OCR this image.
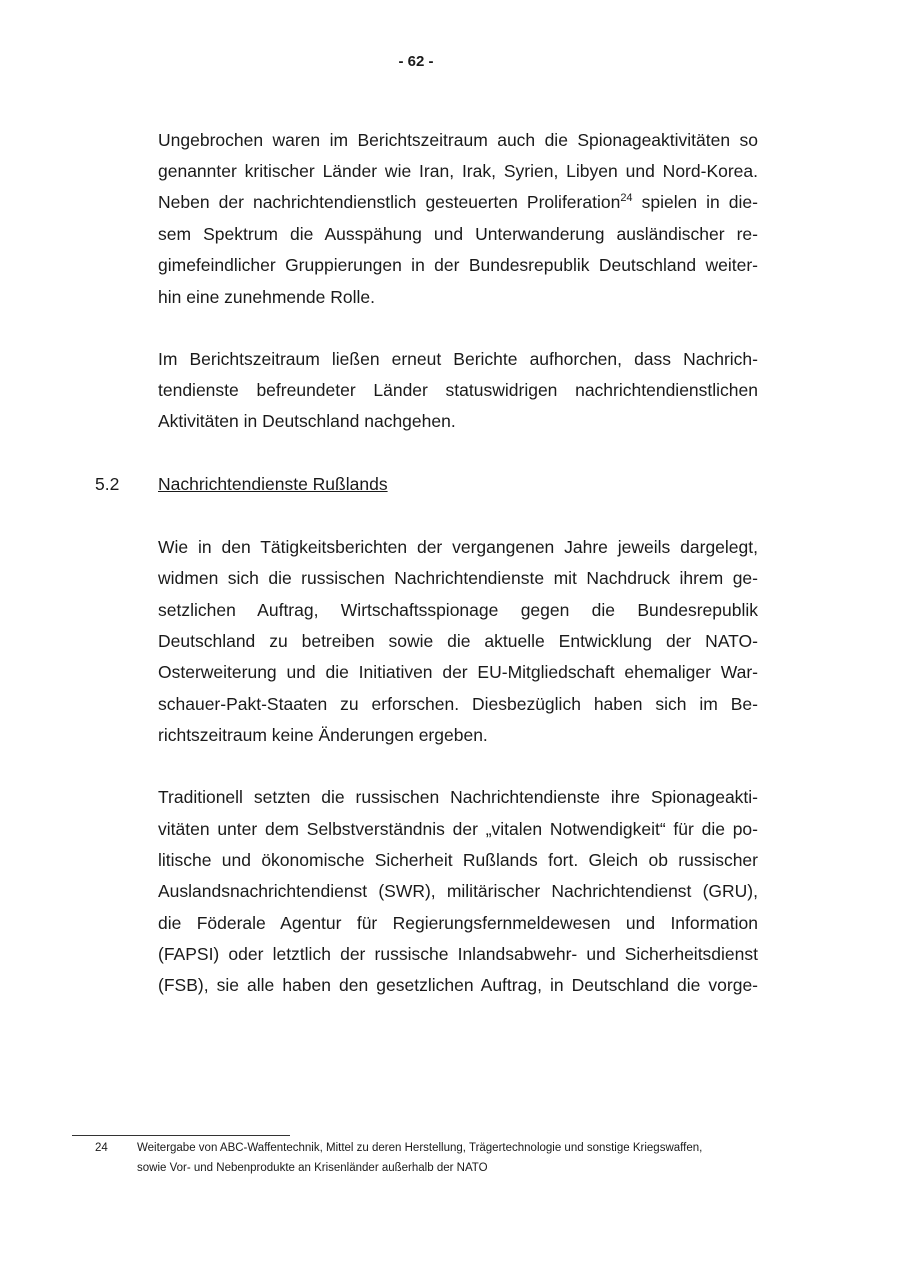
- 62 -
Ungebrochen waren im Berichtszeitraum auch die Spionageaktivitäten so
genannter kritischer Länder wie Iran, Irak, Syrien, Libyen und Nord-Korea.
Neben der nachrichtendienstlich gesteuerten Proliferation$^{24}$ spielen in die-
sem Spektrum die Ausspähung und Unterwanderung ausländischer re-
gimefeindlicher Gruppierungen in der Bundesrepublik Deutschland weiter-
hin eine zunehmende Rolle.
Im Berichtszeitraum ließen erneut Berichte aufhorchen, dass Nachrich-
tendienste befreundeter Länder statuswidrigen nachrichtendienstlichen
Aktivitäten in Deutschland nachgehen.
5.2 Nachrichtendienste Rußlands
Wie in den Tätigkeitsberichten der vergangenen Jahre jeweils dargelegt,
widmen sich die russischen Nachrichtendienste mit Nachdruck ihrem ge-
setzlichen Auftrag, Wirtschaftsspionage gegen die Bundesrepublik
Deutschland zu betreiben sowie die aktuelle Entwicklung der NATO-
Osterweiterung und die Initiativen der EU-Mitgliedschaft ehemaliger War-
schauer-Pakt-Staaten zu erforschen. Diesbezüglich haben sich im Be-
richtszeitraum keine Änderungen ergeben.
Traditionell setzten die russischen Nachrichtendienste ihre Spionageakti-
vitäten unter dem Selbstverständnis der „vitalen Notwendigkeit“ für die po-
litische und ökonomische Sicherheit Rußlands fort. Gleich ob russischer
Auslandsnachrichtendienst (SWR), militärischer Nachrichtendienst (GRU),
die Föderale Agentur für Regierungsfernmeldewesen und Information
(FAPSI) oder letztlich der russische Inlandsabwehr- und Sicherheitsdienst
(FSB), sie alle haben den gesetzlichen Auftrag, in Deutschland die vorge-
24	Weitergabe von ABC-Waffentechnik, Mittel zu deren Herstellung, Trägertechnologie und sonstige Kriegswaffen,
sowie Vor- und Nebenprodukte an Krisenländer außerhalb der NATO
